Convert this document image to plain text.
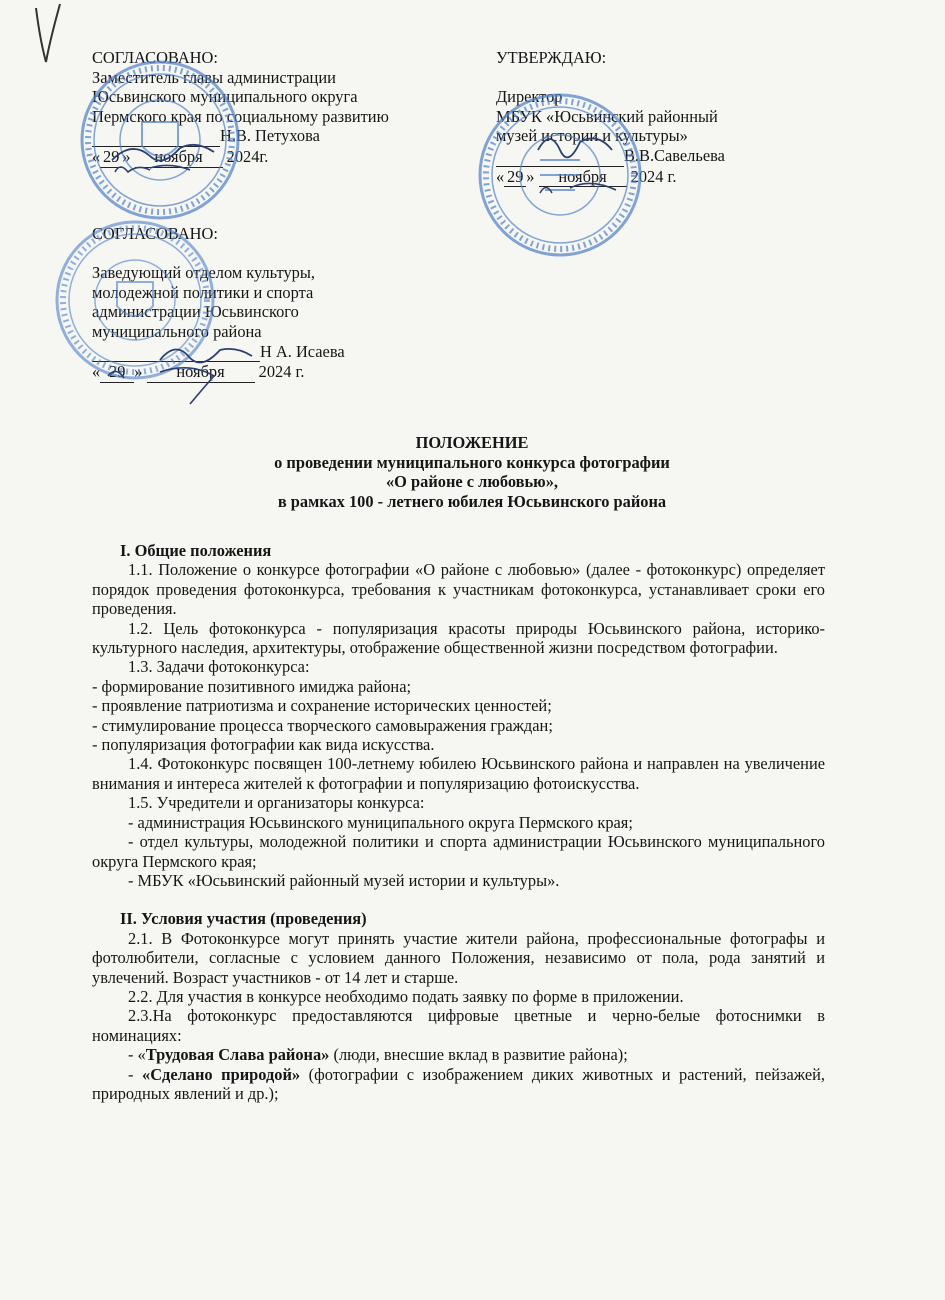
СОГЛАСОВАНО:
Заместитель главы администрации
Юсьвинского муниципального округа
Пермского края по социальному развитию
Н.В. Петухова
« 29 » ноября 2024г.
УТВЕРЖДАЮ:

Директор
МБУК «Юсьвинский районный
музей истории и культуры»
В.В.Савельева
« 29 » ноября 2024 г.
СОГЛАСОВАНО:

Заведующий отделом культуры,
молодежной политики и спорта
администрации Юсьвинского
муниципального района
Н А. Исаева
« 29 » ноября 2024 г.
ПОЛОЖЕНИЕ
о проведении муниципального конкурса фотографии
«О районе с любовью»,
в рамках 100 - летнего юбилея Юсьвинского района
I. Общие положения

1.1. Положение о конкурсе фотографии «О районе с любовью» (далее - фотоконкурс) определяет порядок проведения фотоконкурса, требования к участникам фотоконкурса, устанавливает сроки его проведения.

1.2. Цель фотоконкурса - популяризация красоты природы Юсьвинского района, историко-культурного наследия, архитектуры, отображение общественной жизни посредством фотографии.

1.3. Задачи фотоконкурса:

- формирование позитивного имиджа района;

- проявление патриотизма и сохранение исторических ценностей;

- стимулирование процесса творческого самовыражения граждан;

- популяризация фотографии как вида искусства.

1.4. Фотоконкурс посвящен 100-летнему юбилею Юсьвинского района и направлен на увеличение внимания и интереса жителей к фотографии и популяризацию фотоискусства.

1.5. Учредители и организаторы конкурса:

- администрация Юсьвинского муниципального округа Пермского края;

- отдел культуры, молодежной политики и спорта администрации Юсьвинского муниципального округа Пермского края;

- МБУК «Юсьвинский районный музей истории и культуры».

II. Условия участия (проведения)

2.1. В Фотоконкурсе могут принять участие жители района, профессиональные фотографы и фотолюбители, согласные с условием данного Положения, независимо от пола, рода занятий и увлечений. Возраст участников - от 14 лет и старше.

2.2. Для участия в конкурсе необходимо подать заявку по форме в приложении.

2.3.На фотоконкурс предоставляются цифровые цветные и черно-белые фотоснимки в номинациях:

- «Трудовая Слава района» (люди, внесшие вклад в развитие района);

- «Сделано природой» (фотографии с изображением диких животных и растений, пейзажей, природных явлений и др.);
